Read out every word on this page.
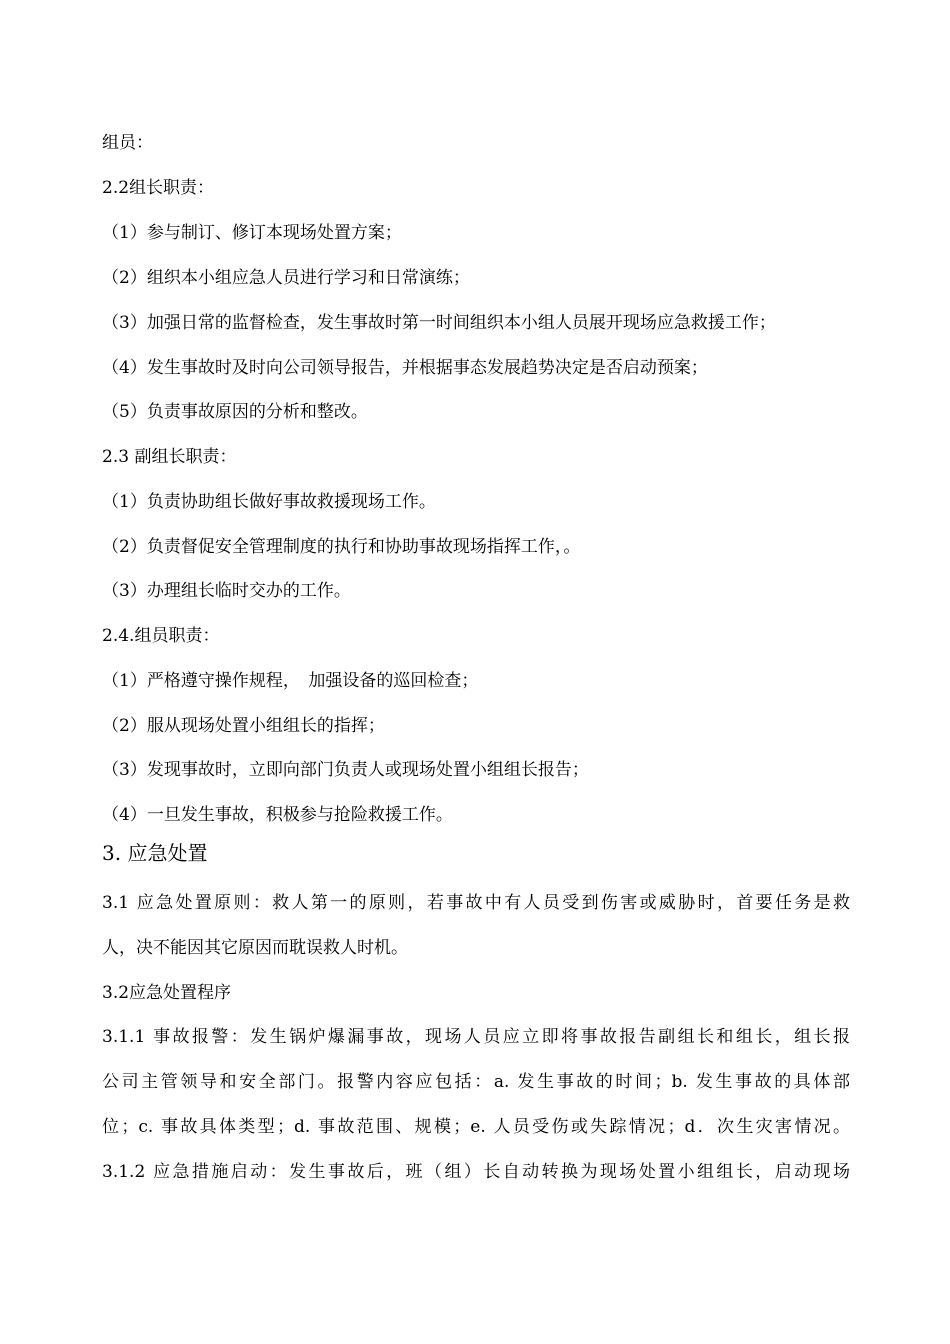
组员：
2.2组长职责：
（1）参与制订、修订本现场处置方案；
（2）组织本小组应急人员进行学习和日常演练；
（3）加强日常的监督检查，发生事故时第一时间组织本小组人员展开现场应急救援工作；
（4）发生事故时及时向公司领导报告，并根据事态发展趋势决定是否启动预案；
（5）负责事故原因的分析和整改。
2.3 副组长职责：
（1）负责协助组长做好事故救援现场工作。
（2）负责督促安全管理制度的执行和协助事故现场指挥工作，。
（3）办理组长临时交办的工作。
2.4.组员职责：
（1）严格遵守操作规程，　加强设备的巡回检查；
（2）服从现场处置小组组长的指挥；
（3）发现事故时，立即向部门负责人或现场处置小组组长报告；
（4）一旦发生事故，积极参与抢险救援工作。
3. 应急处置
3.1 应急处置原则：救人第一的原则，若事故中有人员受到伤害或威胁时，首要任务是救
人，决不能因其它原因而耽误救人时机。
3.2应急处置程序
3.1.1 事故报警：发生锅炉爆漏事故，现场人员应立即将事故报告副组长和组长，组长报
公司主管领导和安全部门。报警内容应包括：a. 发生事故的时间；b. 发生事故的具体部
位；c. 事故具体类型；d. 事故范围、规模；e. 人员受伤或失踪情况；d．次生灾害情况。
3.1.2 应急措施启动：发生事故后，班（组）长自动转换为现场处置小组组长，启动现场
